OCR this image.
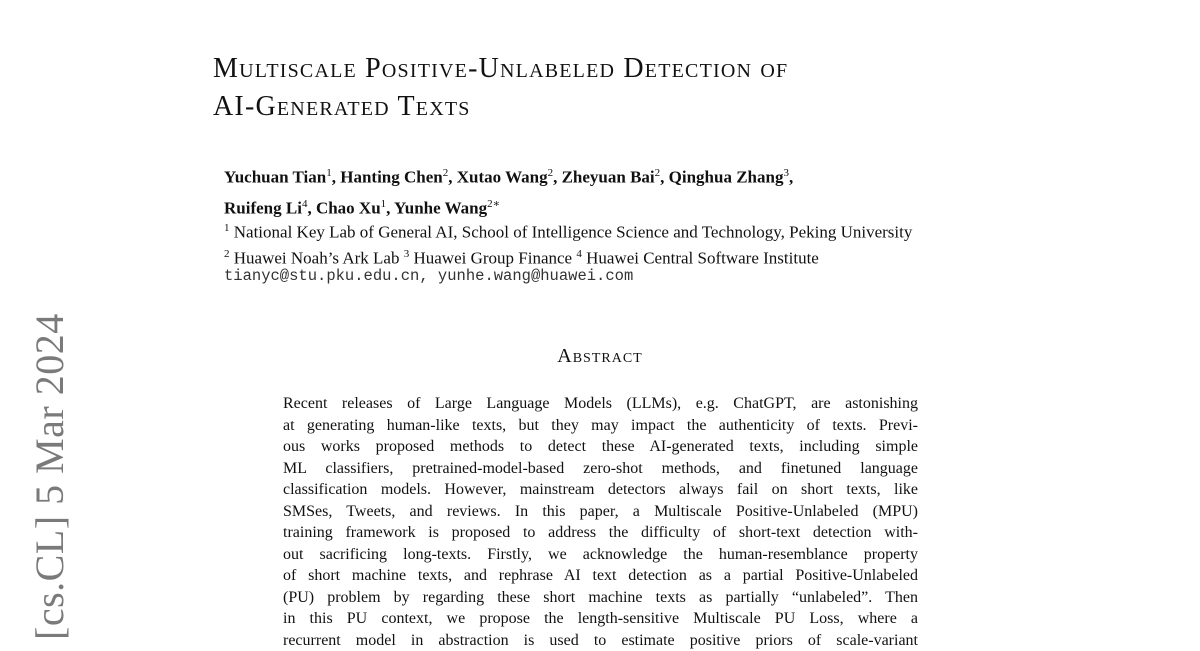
[cs.CL] 5 Mar 2024
Multiscale Positive-Unlabeled Detection of
AI-Generated Texts
Yuchuan Tian$^1$, Hanting Chen$^2$, Xutao Wang$^2$, Zheyuan Bai$^2$, Qinghua Zhang$^3$,
Ruifeng Li$^4$, Chao Xu$^1$, Yunhe Wang$^{2∗}$
$^1$ National Key Lab of General AI, School of Intelligence Science and Technology, Peking University
$^2$ Huawei Noah’s Ark Lab $^3$ Huawei Group Finance $^4$ Huawei Central Software Institute
tianyc@stu.pku.edu.cn, yunhe.wang@huawei.com
Abstract
Recent releases of Large Language Models (LLMs), e.g. ChatGPT, are astonishing
at generating human-like texts, but they may impact the authenticity of texts. Previ-
ous works proposed methods to detect these AI-generated texts, including simple
ML classifiers, pretrained-model-based zero-shot methods, and finetuned language
classification models. However, mainstream detectors always fail on short texts, like
SMSes, Tweets, and reviews. In this paper, a Multiscale Positive-Unlabeled (MPU)
training framework is proposed to address the difficulty of short-text detection with-
out sacrificing long-texts. Firstly, we acknowledge the human-resemblance property
of short machine texts, and rephrase AI text detection as a partial Positive-Unlabeled
(PU) problem by regarding these short machine texts as partially “unlabeled”. Then
in this PU context, we propose the length-sensitive Multiscale PU Loss, where a
recurrent model in abstraction is used to estimate positive priors of scale-variant
